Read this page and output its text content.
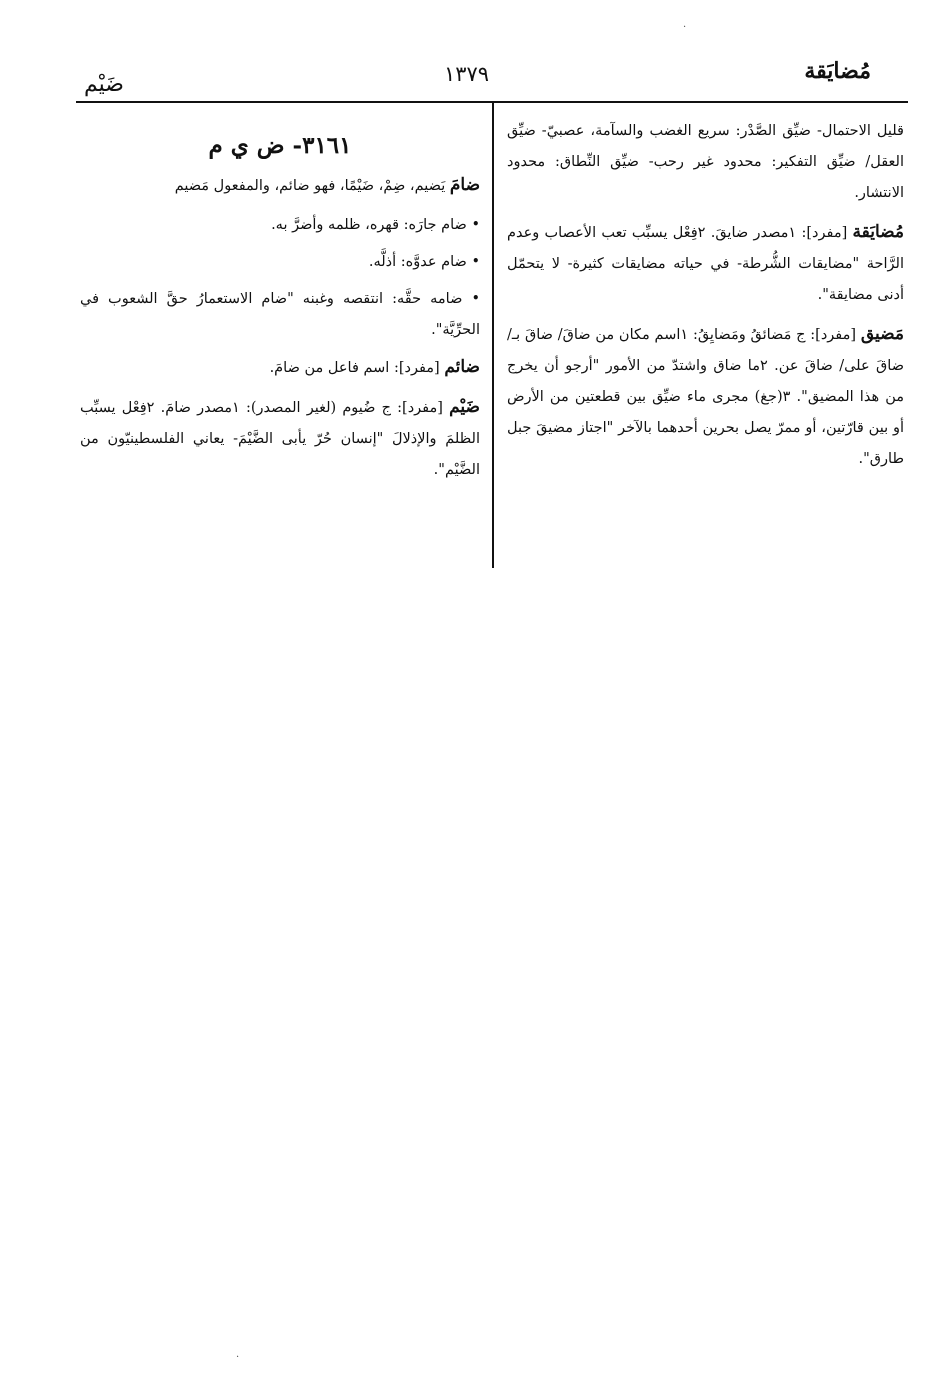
مُضايَقة
١٣٧٩
ضَيْم

قليل الاحتمال- ضيِّق الصَّدْر: سريع الغضب والسآمة، عصبيّ- ضيِّق العقل/ ضيِّق التفكير: محدود غير رحب- ضيِّق النِّطاق: محدود الانتشار.

مُضايَقة [مفرد]: ١مصدر ضايقَ. ٢فِعْل يسبِّب تعب الأعصاب وعدم الرَّاحة "مضايقات الشُّرطة- في حياته مضايقات كثيرة- لا يتحمّل أدنى مضايقة".

مَضيق [مفرد]: ج مَضائقُ ومَضايِقُ: ١اسم مكان من ضاقَ/ ضاقَ بـ/ ضاقَ على/ ضاقَ عن. ٢ما ضاق واشتدّ من الأمور "أرجو أن يخرج من هذا المضيق". ٣(جغ) مجرى ماء ضيِّق بين قطعتين من الأرض أو بين قارّتين، أو ممرّ يصل بحرين أحدهما بالآخر "اجتاز مضيقَ جبل طارق".

٣١٦١- ض ي م

ضامَ يَضيم، ضِمْ، ضَيْمًا، فهو ضائم، والمفعول مَضيم

• ضام جارَه: قهره، ظلمه وأضرَّ به.

• ضام عدوَّه: أذلَّه.

• ضامه حقَّه: انتقصه وغبنه "ضام الاستعمارُ حقَّ الشعوب في الحرِّيَّة".

ضائم [مفرد]: اسم فاعل من ضامَ.

ضَيْم [مفرد]: ج ضُيوم (لغير المصدر): ١مصدر ضامَ. ٢فِعْل يسبِّب الظلمَ والإذلالَ "إنسان حُرّ يأبى الضَّيْمَ- يعاني الفلسطينيّون من الضَّيْم".

·
·
